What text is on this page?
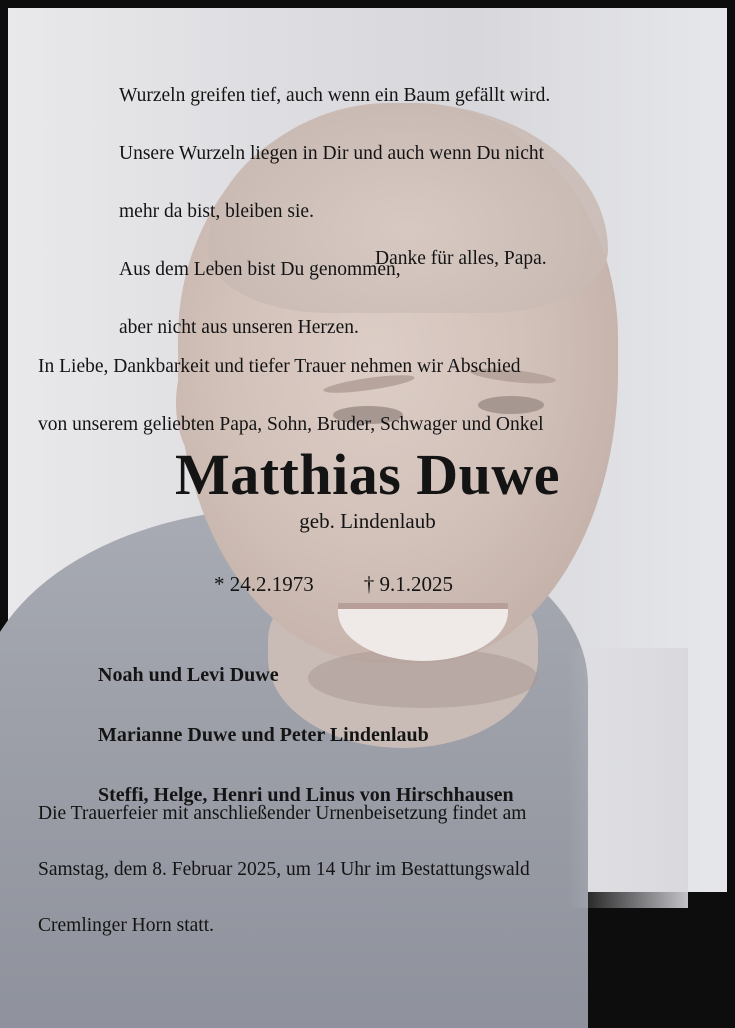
Wurzeln greifen tief, auch wenn ein Baum gefällt wird.

Unsere Wurzeln liegen in Dir und auch wenn Du nicht

mehr da bist, bleiben sie.

Aus dem Leben bist Du genommen,

aber nicht aus unseren Herzen.

Danke für alles, Papa.

In Liebe, Dankbarkeit und tiefer Trauer nehmen wir Abschied

von unserem geliebten Papa, Sohn, Bruder, Schwager und Onkel

Matthias Duwe
geb. Lindenlaub

* 24.2.1973 † 9.1.2025

Noah und Levi Duwe

Marianne Duwe und Peter Lindenlaub

Steffi, Helge, Henri und Linus von Hirschhausen

Die Trauerfeier mit anschließender Urnenbeisetzung findet am

Samstag, dem 8. Februar 2025, um 14 Uhr im Bestattungswald

Cremlinger Horn statt.
